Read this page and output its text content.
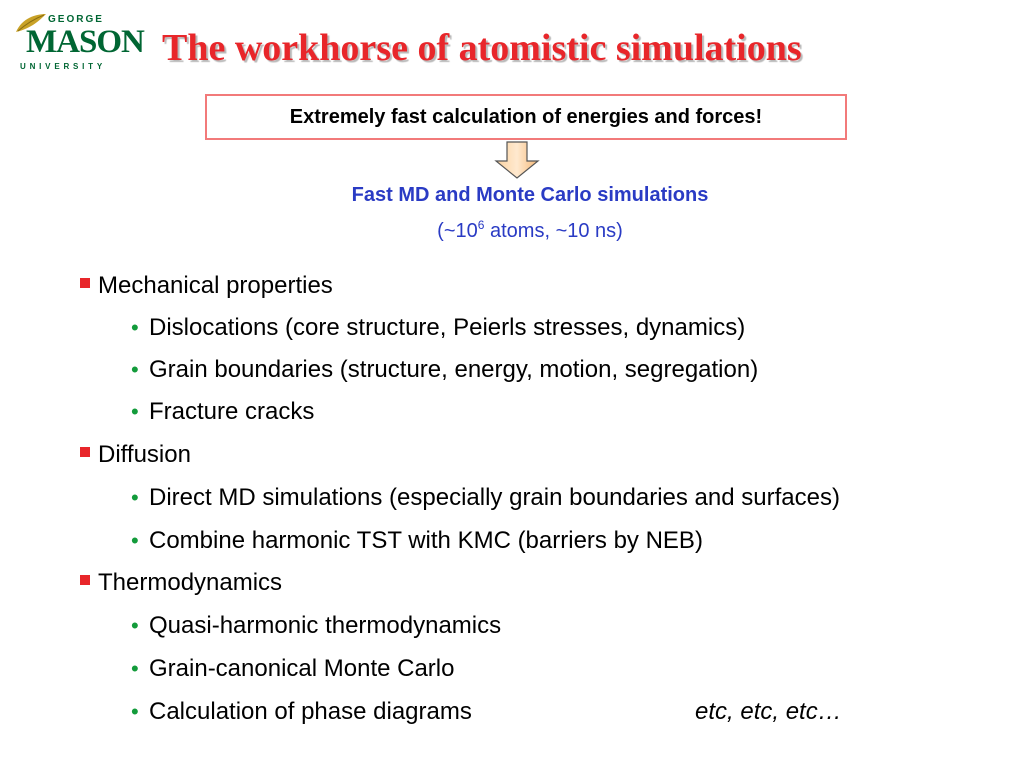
GEORGE
MASON
UNIVERSITY The workhorse of atomistic simulations
Extremely fast calculation of energies and forces!
Fast MD and Monte Carlo simulations
($\sim 10^6$ atoms, ~10 ns)
Mechanical properties
• Dislocations (core structure, Peierls stresses, dynamics)
• Grain boundaries (structure, energy, motion, segregation)
• Fracture cracks
Diffusion
• Direct MD simulations (especially grain boundaries and surfaces)
• Combine harmonic TST with KMC (barriers by NEB)
Thermodynamics
• Quasi-harmonic thermodynamics
• Grain-canonical Monte Carlo
• Calculation of phase diagrams	etc, etc, etc…
